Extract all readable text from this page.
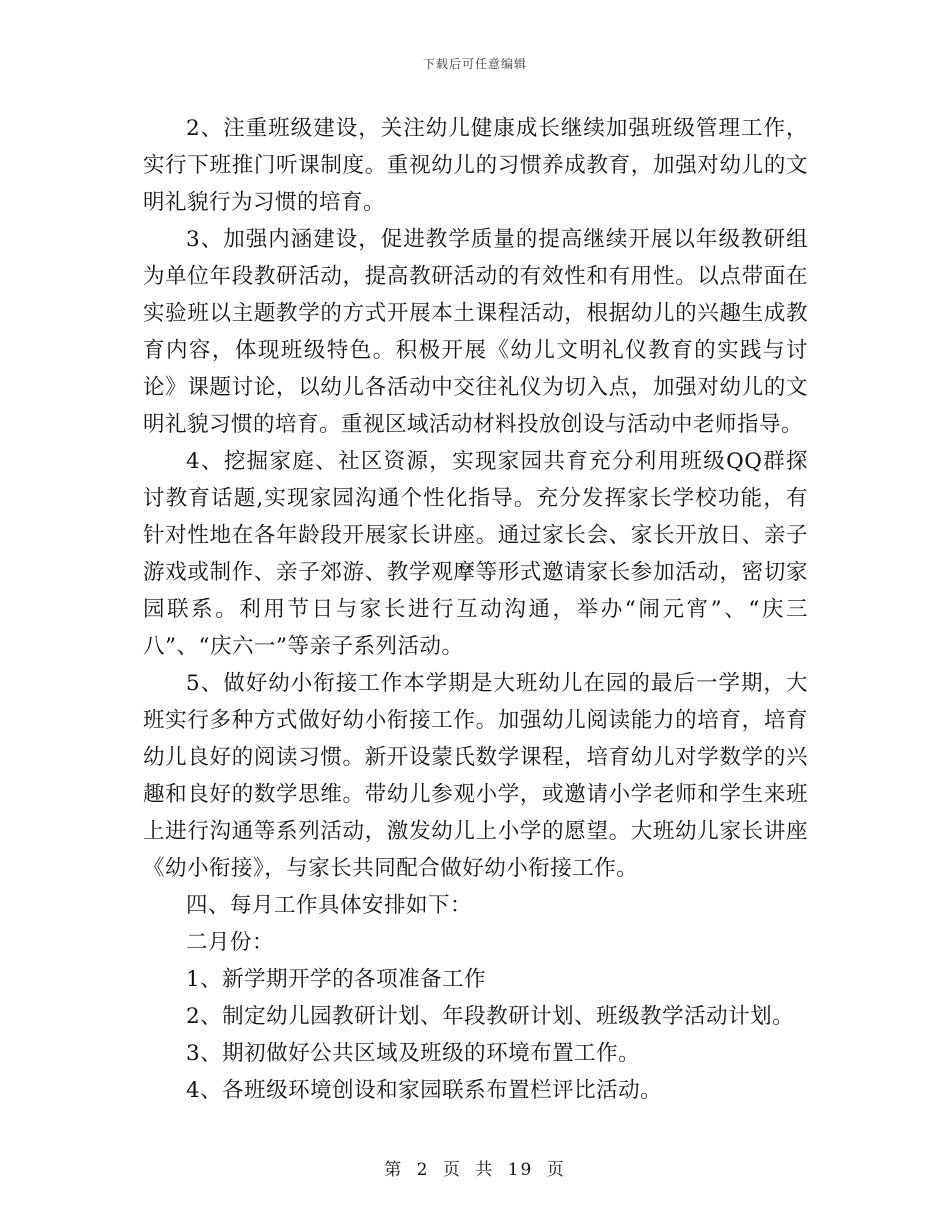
下载后可任意编辑

2、注重班级建设，关注幼儿健康成长继续加强班级管理工作，实行下班推门听课制度。重视幼儿的习惯养成教育，加强对幼儿的文明礼貌行为习惯的培育。

3、加强内涵建设，促进教学质量的提高继续开展以年级教研组为单位年段教研活动，提高教研活动的有效性和有用性。以点带面在实验班以主题教学的方式开展本土课程活动，根据幼儿的兴趣生成教育内容，体现班级特色。积极开展《幼儿文明礼仪教育的实践与讨论》课题讨论，以幼儿各活动中交往礼仪为切入点，加强对幼儿的文明礼貌习惯的培育。重视区域活动材料投放创设与活动中老师指导。

4、挖掘家庭、社区资源，实现家园共育充分利用班级QQ群探讨教育话题,实现家园沟通个性化指导。充分发挥家长学校功能，有针对性地在各年龄段开展家长讲座。通过家长会、家长开放日、亲子游戏或制作、亲子郊游、教学观摩等形式邀请家长参加活动，密切家园联系。利用节日与家长进行互动沟通，举办“闹元宵”、“庆三八”、“庆六一”等亲子系列活动。

5、做好幼小衔接工作本学期是大班幼儿在园的最后一学期，大班实行多种方式做好幼小衔接工作。加强幼儿阅读能力的培育，培育幼儿良好的阅读习惯。新开设蒙氏数学课程，培育幼儿对学数学的兴趣和良好的数学思维。带幼儿参观小学，或邀请小学老师和学生来班上进行沟通等系列活动，激发幼儿上小学的愿望。大班幼儿家长讲座《幼小衔接》，与家长共同配合做好幼小衔接工作。

四、每月工作具体安排如下：

二月份：

1、新学期开学的各项准备工作

2、制定幼儿园教研计划、年段教研计划、班级教学活动计划。

3、期初做好公共区域及班级的环境布置工作。

4、各班级环境创设和家园联系布置栏评比活动。

第 2 页 共 19 页
